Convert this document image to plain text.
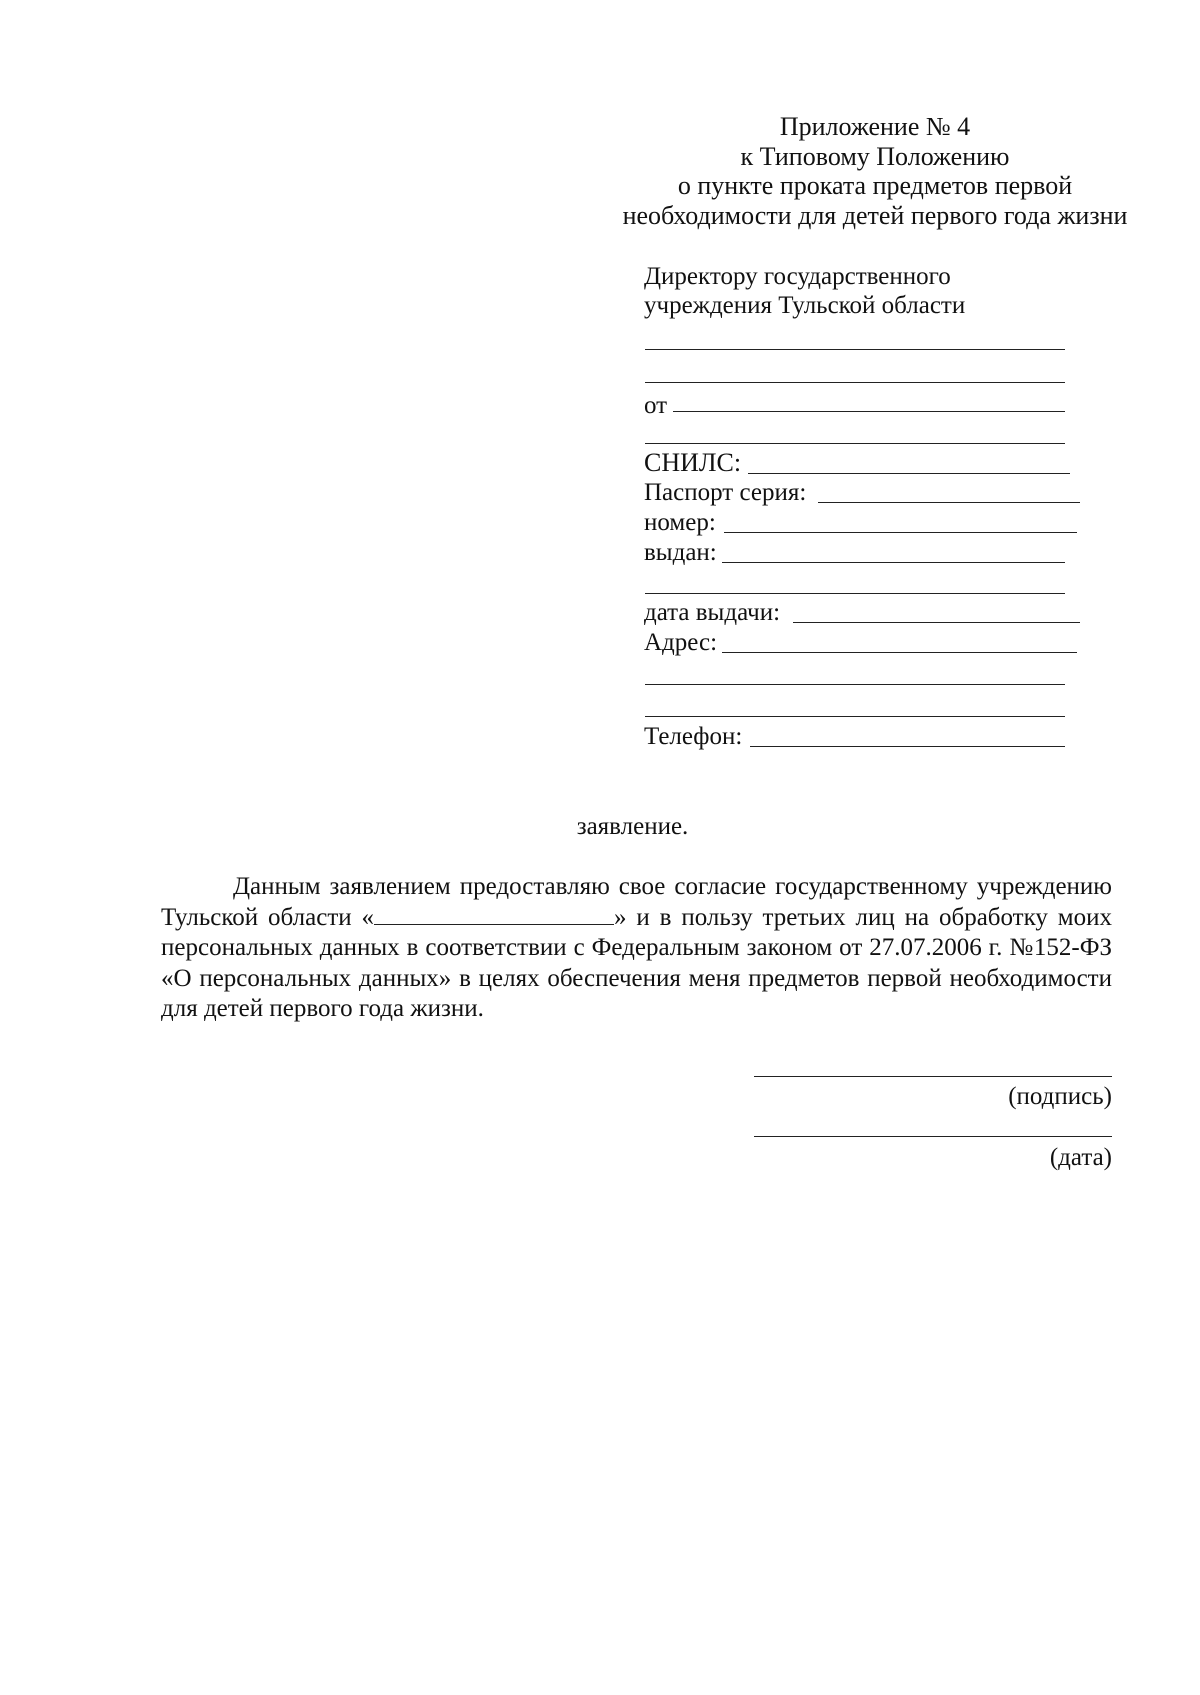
Приложение № 4
к Типовому Положению
о пункте проката предметов первой
необходимости для детей первого года жизни
Директору государственного
учреждения Тульской области
от
СНИЛС:
Паспорт серия:
номер:
выдан:
дата выдачи:
Адрес:
Телефон:
заявление.
Данным заявлением предоставляю свое согласие государственному учреждению Тульской области «	» и в пользу третьих лиц на обработку моих персональных данных в соответствии с Федеральным законом от 27.07.2006 г. №152-ФЗ «О персональных данных» в целях обеспечения меня предметов первой необходимости для детей первого года жизни.
(подпись)
(дата)
